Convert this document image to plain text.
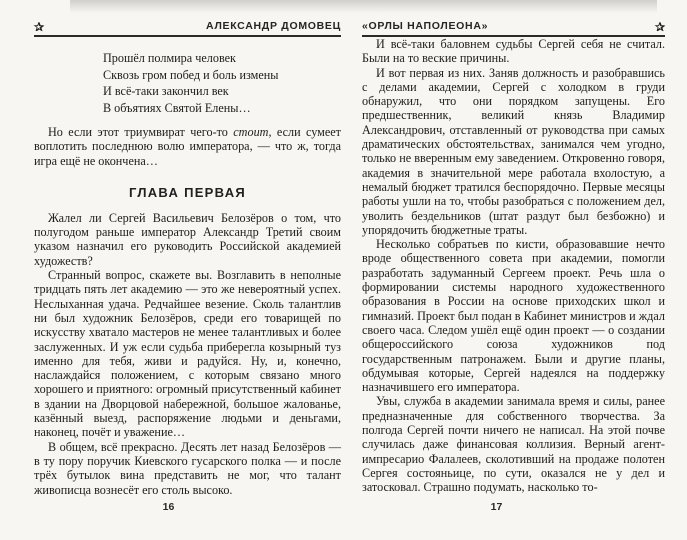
✰	АЛЕКСАНДР ДОМОВЕЦ
Прошёл полмира человек
Сквозь гром побед и боль измены
И всё-таки закончил век
В объятиях Святой Елены…

Но если этот триумвират чего-то стоит, если сумеет воплотить последнюю волю императора, — что ж, тогда игра ещё не окончена…

ГЛАВА ПЕРВАЯ

Жалел ли Сергей Васильевич Белозёров о том, что полугодом раньше император Александр Третий своим указом назначил его руководить Российской академией художеств?

Странный вопрос, скажете вы. Возглавить в неполные тридцать пять лет академию — это же невероятный успех. Неслыханная удача. Редчайшее везение. Сколь талантлив ни был художник Белозёров, среди его товарищей по искусству хватало мастеров не менее талантливых и более заслуженных. И уж если судьба приберегла козырный туз именно для тебя, живи и радуйся. Ну, и, конечно, наслаждайся положением, с которым связано много хорошего и приятного: огромный присутственный кабинет в здании на Дворцовой набережной, большое жалованье, казённый выезд, распоряжение людьми и деньгами, наконец, почёт и уважение…

В общем, всё прекрасно. Десять лет назад Белозёров — в ту пору поручик Киевского гусарского полка — и после трёх бутылок вина представить не мог, что талант живописца вознесёт его столь высоко.

«ОРЛЫ НАПОЛЕОНА»	✰

И всё-таки баловнем судьбы Сергей себя не считал. Были на то веские причины.

И вот первая из них. Заняв должность и разобравшись с делами академии, Сергей с холодком в груди обнаружил, что они порядком запущены. Его предшественник, великий князь Владимир Александрович, отставленный от руководства при самых драматических обстоятельствах, занимался чем угодно, только не вверенным ему заведением. Откровенно говоря, академия в значительной мере работала вхолостую, а немалый бюджет тратился беспорядочно. Первые месяцы работы ушли на то, чтобы разобраться с положением дел, уволить бездельников (штат раздут был безбожно) и упорядочить бюджетные траты.

Несколько собратьев по кисти, образовавшие нечто вроде общественного совета при академии, помогли разработать задуманный Сергеем проект. Речь шла о формировании системы народного художественного образования в России на основе приходских школ и гимназий. Проект был подан в Кабинет министров и ждал своего часа. Следом ушёл ещё один проект — о создании общероссийского союза художников под государственным патронажем. Были и другие планы, обдумывая которые, Сергей надеялся на поддержку назначившего его императора.

Увы, служба в академии занимала время и силы, ранее предназначенные для собственного творчества. За полгода Сергей почти ничего не написал. На этой почве случилась даже финансовая коллизия. Верный агент-импресарио Фалалеев, сколотивший на продаже полотен Сергея состояньице, по сути, оказался не у дел и затосковал. Страшно подумать, насколько то-

16	17
